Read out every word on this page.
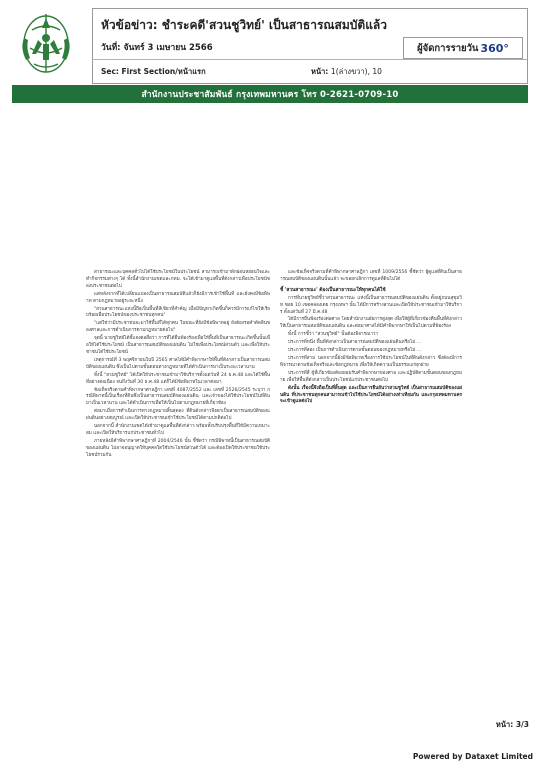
หัวข้อข่าว: ชำระคดี'สวนชูวิทย์' เป็นสาธารณสมบัติแล้ว
วันที่: จันทร์ 3 เมษายน 2566
Sec: First Section/หน้าแรก	หน้า: 1(ล่างขวา), 10
ผู้จัดการรายวัน 360°
สำนักงานประชาสัมพันธ์ กรุงเทพมหานคร โทร 0-2621-0709-10

สาธารณะและบุคคลทั่วไปได้ใช้ประโยชน์ในประโยชน์ สามารถเข้ามาพักผ่อนหย่อนใจและทำกิจกรรมต่างๆ ได้ ทั้งนี้สำนักงานเขตและกทม. จะได้เข้ามาดูแลพื้นที่ดังกล่าวเพื่อประโยชน์ของประชาชนต่อไป

แต่หลังจากที่ได้เปลี่ยนแปลงเป็นสาธารณสมบัติแล้วก็ยังมีการเข้าใช้พื้นที่ และยังคงมีข้อพิพาท ตามกฎหมายอยู่ระยะหนึ่ง

"สวนสาธารณะแห่งนี้ถือเป็นพื้นที่สีเขียวที่สำคัญ เมื่อมีปัญหาเกิดขึ้นก็ควรมีการแก้ไขให้เรียบร้อยเพื่อประโยชน์ของประชาชนทุกคน"

"แต่ใช่ว่ามีประชาชนจะมาใช้พื้นที่ได้ทุกคน ในขณะที่ยังมีข้อพิพาทอยู่ ยังต้องรอคำตัดสินของศาลและการดำเนินการตามกฎหมายต่อไป"

จุดนี้ นายชูวิทย์ได้ชี้แจงต่อสื่อว่า การที่ได้ยื่นฟ้องร้องเพื่อให้พื้นที่เป็นสาธารณะเกิดขึ้นนั้นเพื่อให้ได้ใช้ประโยชน์ เป็นสาธารณสมบัติของแผ่นดิน ไม่ใช่เพื่อประโยชน์ส่วนตัว และเพื่อให้ประชาชนได้ใช้ประโยชน์

เหตุการณ์ที่ 3 พฤศจิกายนในปี 2565 ศาลได้มีคำพิพากษาให้พื้นที่ดังกล่าวเป็นสาธารณสมบัติของแผ่นดิน ซึ่งเป็นไปตามขั้นตอนทางกฎหมายที่ได้ดำเนินการมาเป็นระยะเวลานาน

ทั้งนี้ "สวนชูวิทย์" ได้เปิดให้ประชาชนเข้ามาใช้บริการตั้งแต่วันที่ 24 ธ.ค.48 และได้ใช้พื้นที่อย่างต่อเนื่อง จนถึงวันที่ 30 ธ.ค.48 แต่ก็ได้มีข้อพิพาทในเวลาต่อมา

ข้อเท็จจริงตามคำพิพากษาศาลฎีกา เลขที่ 4087/2552 และ เลขที่ 2526/2545 ระบุว่า กรณีพิพาทนี้เป็นเรื่องที่ดินซึ่งเป็นสาธารณสมบัติของแผ่นดิน และเจ้าของได้ใช้ประโยชน์ในที่ดินมาเป็นเวลานาน และได้ดำเนินการเพื่อให้เป็นไปตามกฎหมายที่เกี่ยวข้อง

ต่อมาเมื่อการดำเนินการทางกฎหมายสิ้นสุดลง ที่ดินดังกล่าวจึงตกเป็นสาธารณสมบัติของแผ่นดินอย่างสมบูรณ์ และเปิดให้ประชาชนเข้าใช้ประโยชน์ได้ตามปกติต่อไป

นอกจากนี้ สำนักงานเขตได้เข้ามาดูแลพื้นที่ดังกล่าว พร้อมทั้งปรับปรุงพื้นที่ให้มีความเหมาะสม และเปิดให้บริการแก่ประชาชนทั่วไป

ภายหลังมีคำพิพากษาศาลฎีกาที่ 2004/2546 นั้น ชี้ชัดว่า กรณีพิพาทนี้เป็นสาธารณสมบัติของแผ่นดิน ไม่อาจอนุญาตให้บุคคลใดใช้ประโยชน์ส่วนตัวได้ และต้องเปิดให้ประชาชนใช้ประโยชน์ร่วมกัน

และข้อเท็จจริงตามที่คำพิพากษาศาลฎีกา เลขที่ 1009/2556 ชี้ชัดว่า ผู้ดูแลที่ดินเป็นสาธารณสมบัติของแผ่นดินนั้นแล้ว จะขอยกเลิกการดูแลที่ดินไม่ได้

ชี้ 'สวนสาธารณะ' ต้องเป็นสาธารณะให้ทุกคนได้ใช้

การที่นายชูวิทย์ชี้ว่าสวนสาธารณะ แห่งนี้เป็นสาธารณสมบัติของแผ่นดิน ตั้งอยู่ถนนสุขุมวิท ซอย 10 เขตคลองเตย กรุงเทพฯ นั้น ได้มีการสร้างสวนและเปิดให้ประชาชนเข้ามาใช้บริการ ตั้งแต่วันที่ 27 มี.ค.48

ได้มีการยื่นฟ้องร้องต่อศาล โดยสำนักงานอัยการสูงสุด เพื่อให้ผู้ที่เกี่ยวข้องคืนพื้นที่ดังกล่าวให้เป็นสาธารณสมบัติของแผ่นดิน และต่อมาศาลได้มีคำพิพากษาให้เป็นไปตามที่ฟ้องร้อง

ทั้งนี้ การชี้ว่า "สวนชูวิทย์" นั้นต้องพิจารณาว่า

ประการที่หนึ่ง พื้นที่ดังกล่าวเป็นสาธารณสมบัติของแผ่นดินหรือไม่ ...

ประการที่สอง เป็นการดำเนินการตามขั้นตอนของกฎหมายหรือไม่ ...

ประการที่สาม นอกจากนี้ยังมีข้อพิพาทเรื่องการใช้ประโยชน์ในที่ดินดังกล่าว ซึ่งต้องมีการพิจารณาตามข้อเท็จจริงและข้อกฎหมาย เพื่อให้เกิดความเป็นธรรมแก่ทุกฝ่าย

ประการที่สี่ ผู้ที่เกี่ยวข้องต้องยอมรับคำพิพากษาของศาล และปฏิบัติตามขั้นตอนของกฎหมาย เพื่อให้พื้นที่ดังกล่าวเป็นประโยชน์แก่ประชาชนต่อไป

ดังนั้น เรื่องนี้จึงถือเป็นที่สิ้นสุด และเป็นการยืนยันว่าสวนชูวิทย์ เป็นสาธารณสมบัติของแผ่นดิน ที่ประชาชนทุกคนสามารถเข้าไปใช้ประโยชน์ได้อย่างเท่าเทียมกัน และกรุงเทพมหานครจะเข้าดูแลต่อไป

หน้า: 3/3
Powered by Dataxet Limited
